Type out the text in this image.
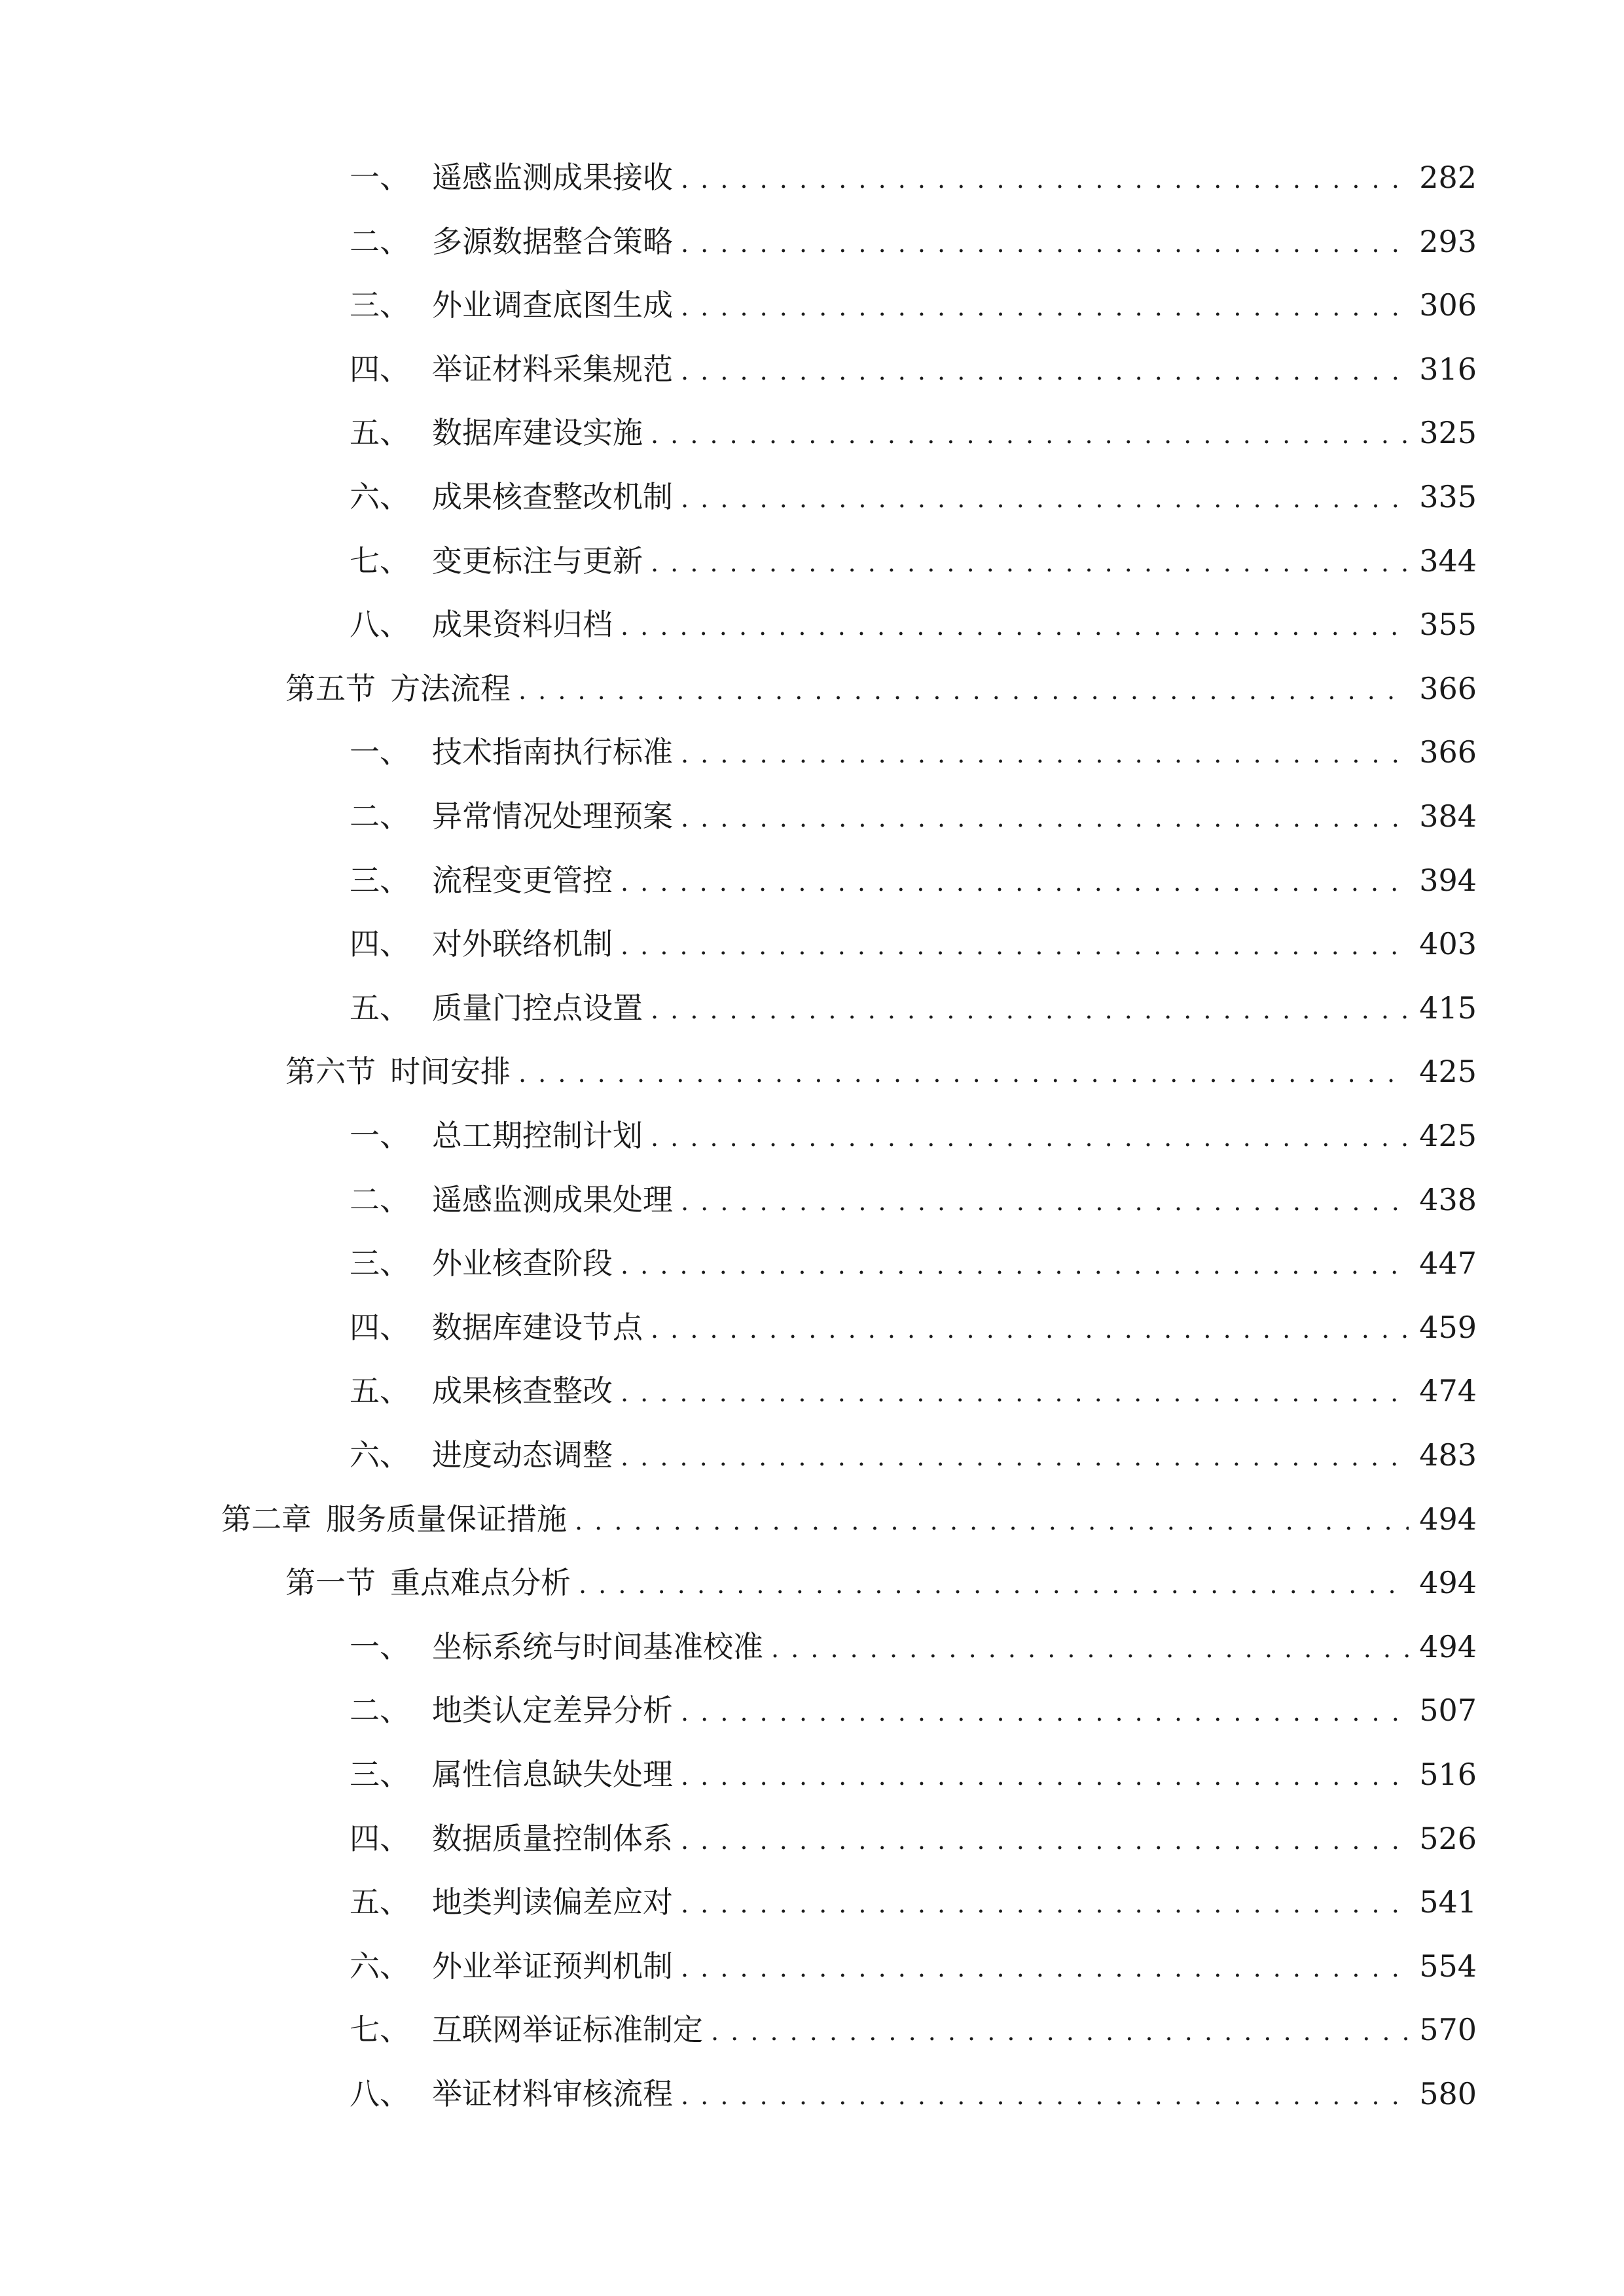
一、 遥感监测成果接收 . . .	282
二、 多源数据整合策略 . . .	293
三、 外业调查底图生成 . . .	306
四、 举证材料采集规范 . . .	316
五、 数据库建设实施 . . .	325
六、 成果核查整改机制 . . .	335
七、 变更标注与更新 . . .	344
八、 成果资料归档 . . .	355
第五节 方法流程 . . .	366
一、 技术指南执行标准 . . .	366
二、 异常情况处理预案 . . .	384
三、 流程变更管控 . . .	394
四、 对外联络机制 . . .	403
五、 质量门控点设置 . . .	415
第六节 时间安排 . . .	425
一、 总工期控制计划 . . .	425
二、 遥感监测成果处理 . . .	438
三、 外业核查阶段 . . .	447
四、 数据库建设节点 . . .	459
五、 成果核查整改 . . .	474
六、 进度动态调整 . . .	483
第二章 服务质量保证措施 . . .	494
第一节 重点难点分析 . . .	494
一、 坐标系统与时间基准校准 . . .	494
二、 地类认定差异分析 . . .	507
三、 属性信息缺失处理 . . .	516
四、 数据质量控制体系 . . .	526
五、 地类判读偏差应对 . . .	541
六、 外业举证预判机制 . . .	554
七、 互联网举证标准制定 . . .	570
八、 举证材料审核流程 . . .	580
